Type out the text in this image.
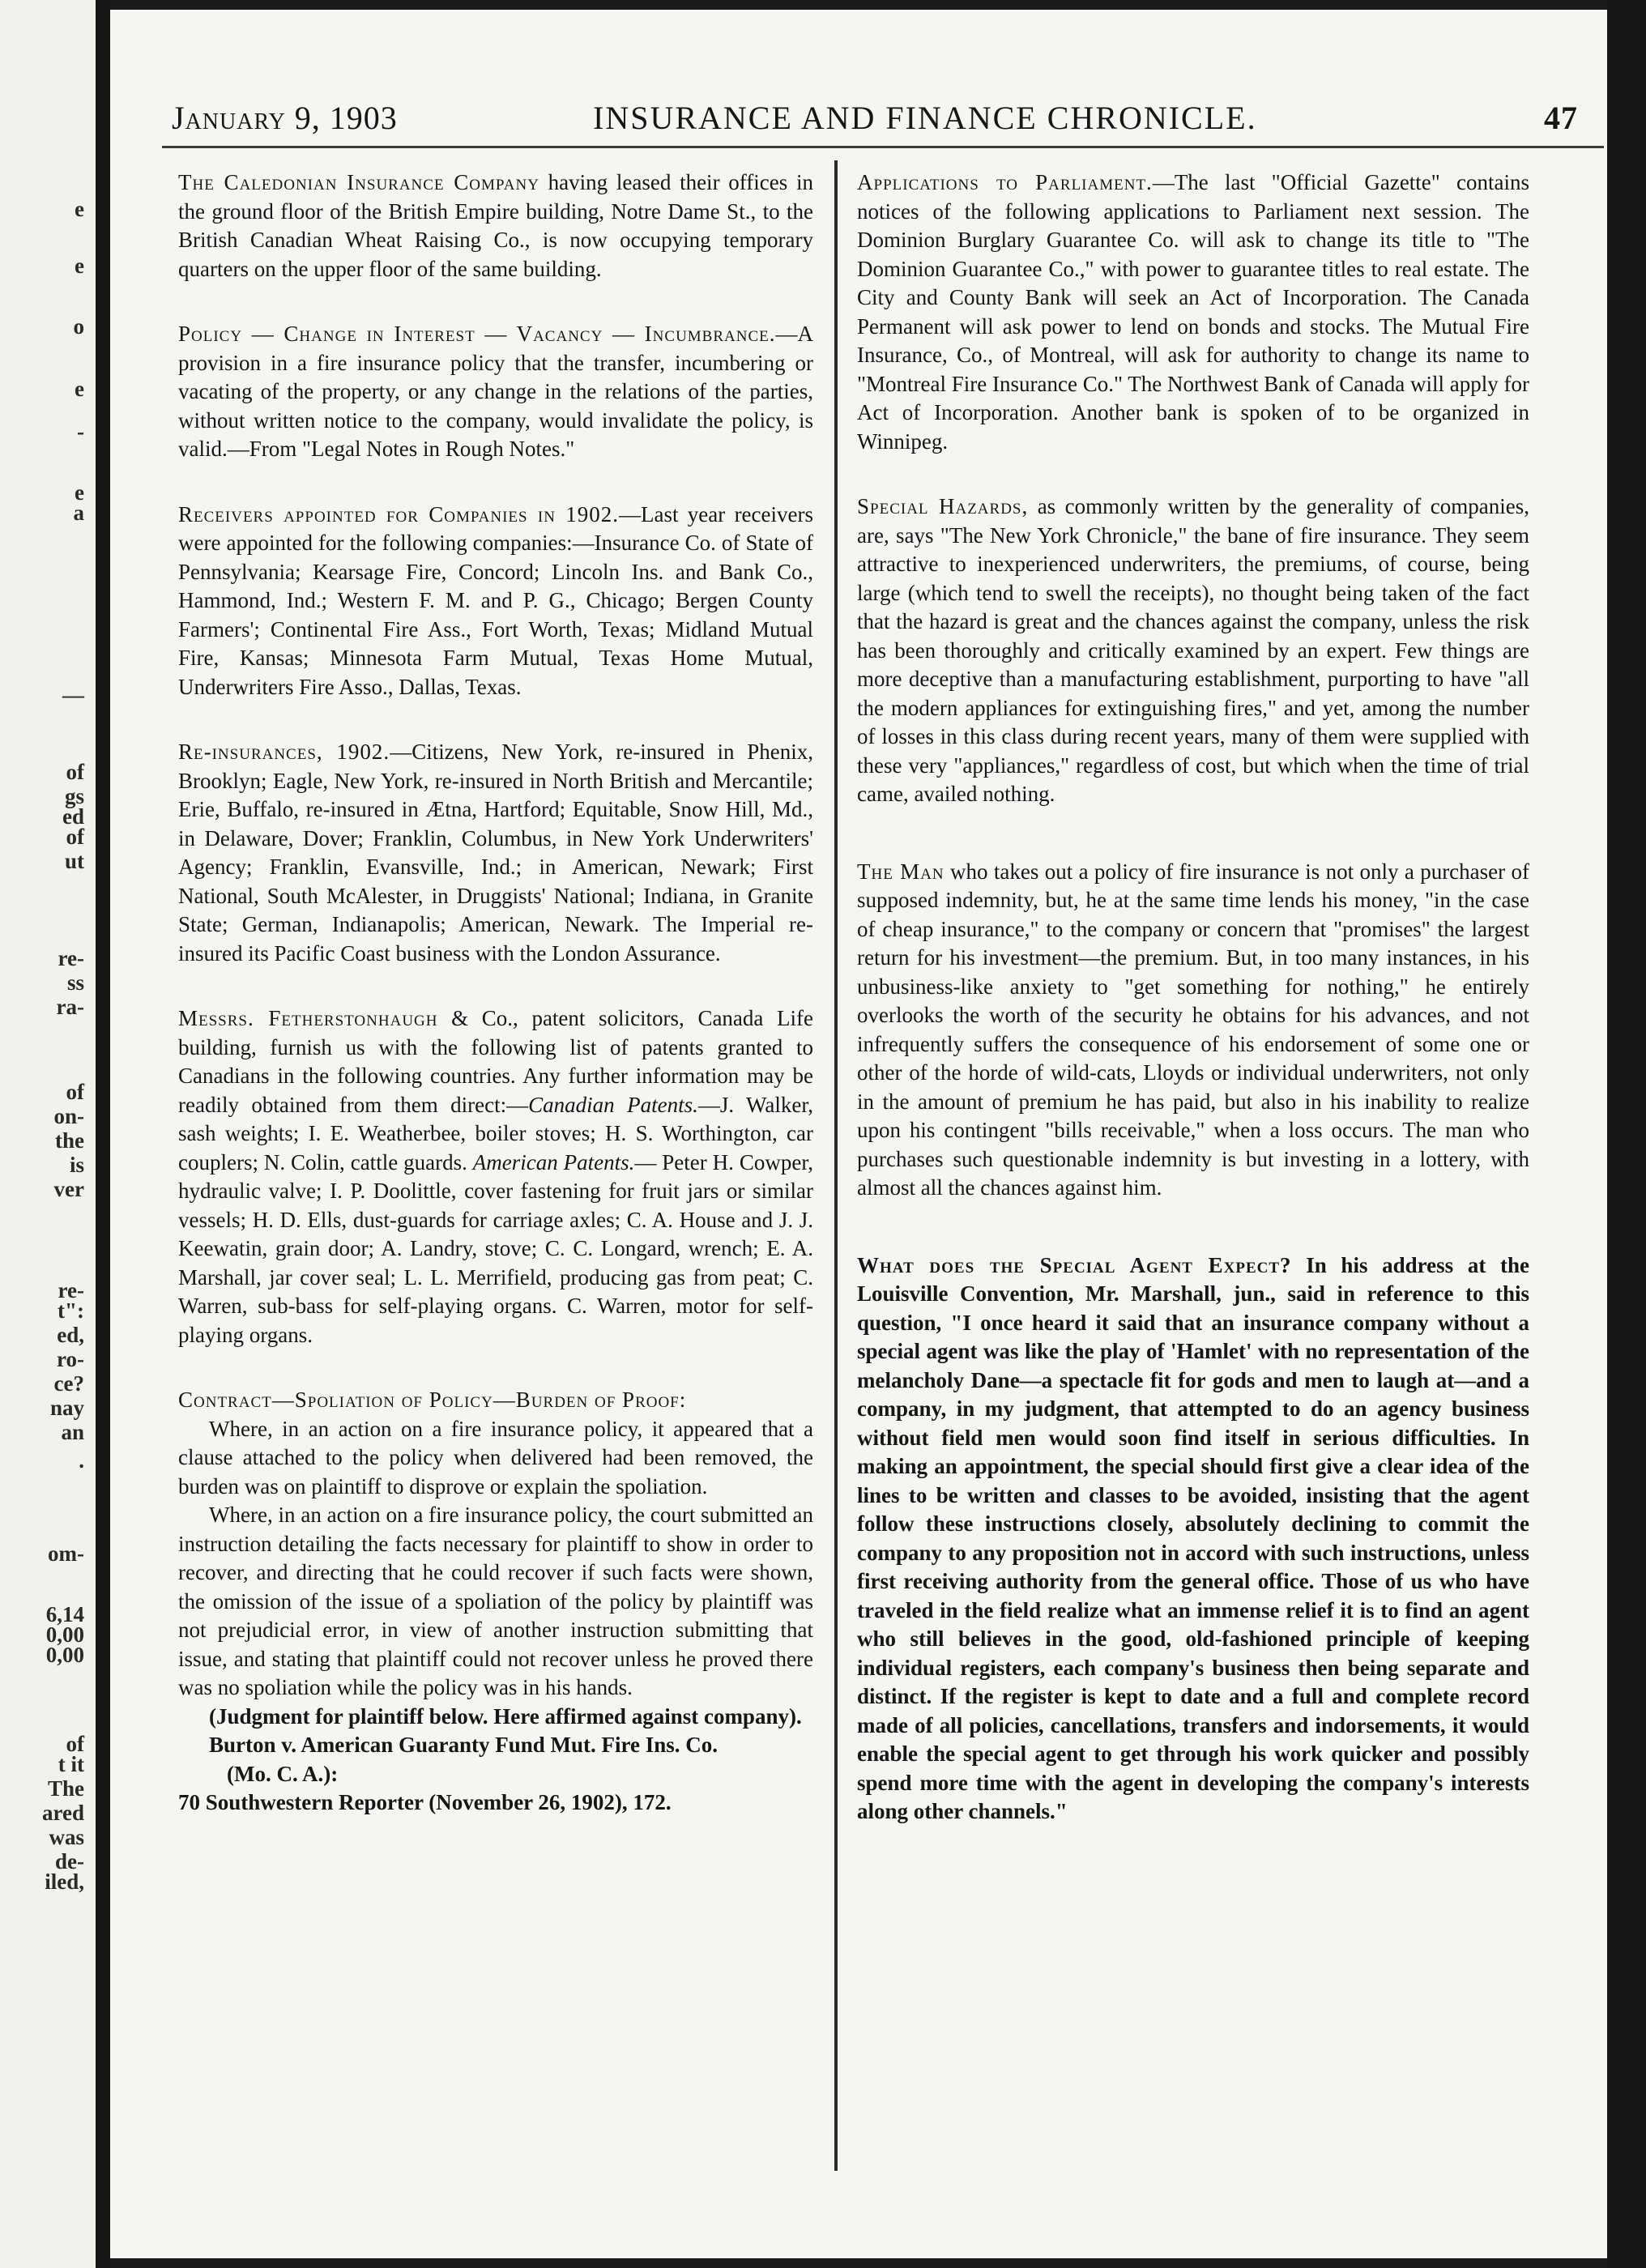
e
e
o
e
-
e
a
—
of
gs
ed
of
ut
re-
ss
ra-
of
on-
the
is
ver
re-
t":
ed,
ro-
ce?
nay
an
.
om-
6,14
0,00
0,00
of
t it
The
ared
was
de-
iled,
January 9, 1903	INSURANCE AND FINANCE CHRONICLE.	47

The Caledonian Insurance Company having leased their offices in the ground floor of the British Empire building, Notre Dame St., to the British Canadian Wheat Raising Co., is now occupying temporary quarters on the upper floor of the same building.

Policy — Change in Interest — Vacancy — Incumbrance.—A provision in a fire insurance policy that the transfer, incumbering or vacating of the property, or any change in the relations of the parties, without written notice to the company, would invalidate the policy, is valid.—From "Legal Notes in Rough Notes."

Receivers appointed for Companies in 1902.—Last year receivers were appointed for the following companies:—Insurance Co. of State of Pennsylvania; Kearsage Fire, Concord; Lincoln Ins. and Bank Co., Hammond, Ind.; Western F. M. and P. G., Chicago; Bergen County Farmers'; Continental Fire Ass., Fort Worth, Texas; Midland Mutual Fire, Kansas; Minnesota Farm Mutual, Texas Home Mutual, Underwriters Fire Asso., Dallas, Texas.

Re-insurances, 1902.—Citizens, New York, re-insured in Phenix, Brooklyn; Eagle, New York, re-insured in North British and Mercantile; Erie, Buffalo, re-insured in Ætna, Hartford; Equitable, Snow Hill, Md., in Delaware, Dover; Franklin, Columbus, in New York Underwriters' Agency; Franklin, Evansville, Ind.; in American, Newark; First National, South McAlester, in Druggists' National; Indiana, in Granite State; German, Indianapolis; American, Newark. The Imperial re-insured its Pacific Coast business with the London Assurance.

Messrs. Fetherstonhaugh & Co., patent solicitors, Canada Life building, furnish us with the following list of patents granted to Canadians in the following countries. Any further information may be readily obtained from them direct:—Canadian Patents.—J. Walker, sash weights; I. E. Weatherbee, boiler stoves; H. S. Worthington, car couplers; N. Colin, cattle guards. American Patents.— Peter H. Cowper, hydraulic valve; I. P. Doolittle, cover fastening for fruit jars or similar vessels; H. D. Ells, dust-guards for carriage axles; C. A. House and J. J. Keewatin, grain door; A. Landry, stove; C. C. Longard, wrench; E. A. Marshall, jar cover seal; L. L. Merrifield, producing gas from peat; C. Warren, sub-bass for self-playing organs. C. Warren, motor for self-playing organs.

Contract—Spoliation of Policy—Burden of Proof:

Where, in an action on a fire insurance policy, it appeared that a clause attached to the policy when delivered had been removed, the burden was on plaintiff to disprove or explain the spoliation.

Where, in an action on a fire insurance policy, the court submitted an instruction detailing the facts necessary for plaintiff to show in order to recover, and directing that he could recover if such facts were shown, the omission of the issue of a spoliation of the policy by plaintiff was not prejudicial error, in view of another instruction submitting that issue, and stating that plaintiff could not recover unless he proved there was no spoliation while the policy was in his hands.

(Judgment for plaintiff below. Here affirmed against company).

Burton v. American Guaranty Fund Mut. Fire Ins. Co.

(Mo. C. A.):

70 Southwestern Reporter (November 26, 1902), 172.

Applications to Parliament.—The last "Official Gazette" contains notices of the following applications to Parliament next session. The Dominion Burglary Guarantee Co. will ask to change its title to "The Dominion Guarantee Co.," with power to guarantee titles to real estate. The City and County Bank will seek an Act of Incorporation. The Canada Permanent will ask power to lend on bonds and stocks. The Mutual Fire Insurance, Co., of Montreal, will ask for authority to change its name to "Montreal Fire Insurance Co." The Northwest Bank of Canada will apply for Act of Incorporation. Another bank is spoken of to be organized in Winnipeg.

Special Hazards, as commonly written by the generality of companies, are, says "The New York Chronicle," the bane of fire insurance. They seem attractive to inexperienced underwriters, the premiums, of course, being large (which tend to swell the receipts), no thought being taken of the fact that the hazard is great and the chances against the company, unless the risk has been thoroughly and critically examined by an expert. Few things are more deceptive than a manufacturing establishment, purporting to have "all the modern appliances for extinguishing fires," and yet, among the number of losses in this class during recent years, many of them were supplied with these very "appliances," regardless of cost, but which when the time of trial came, availed nothing.

The Man who takes out a policy of fire insurance is not only a purchaser of supposed indemnity, but, he at the same time lends his money, "in the case of cheap insurance," to the company or concern that "promises" the largest return for his investment—the premium. But, in too many instances, in his unbusiness-like anxiety to "get something for nothing," he entirely overlooks the worth of the security he obtains for his advances, and not infrequently suffers the consequence of his endorsement of some one or other of the horde of wild-cats, Lloyds or individual underwriters, not only in the amount of premium he has paid, but also in his inability to realize upon his contingent "bills receivable," when a loss occurs. The man who purchases such questionable indemnity is but investing in a lottery, with almost all the chances against him.

What does the Special Agent Expect? In his address at the Louisville Convention, Mr. Marshall, jun., said in reference to this question, "I once heard it said that an insurance company without a special agent was like the play of 'Hamlet' with no representation of the melancholy Dane—a spectacle fit for gods and men to laugh at—and a company, in my judgment, that attempted to do an agency business without field men would soon find itself in serious difficulties. In making an appointment, the special should first give a clear idea of the lines to be written and classes to be avoided, insisting that the agent follow these instructions closely, absolutely declining to commit the company to any proposition not in accord with such instructions, unless first receiving authority from the general office. Those of us who have traveled in the field realize what an immense relief it is to find an agent who still believes in the good, old-fashioned principle of keeping individual registers, each company's business then being separate and distinct. If the register is kept to date and a full and complete record made of all policies, cancellations, transfers and indorsements, it would enable the special agent to get through his work quicker and possibly spend more time with the agent in developing the company's interests along other channels."
